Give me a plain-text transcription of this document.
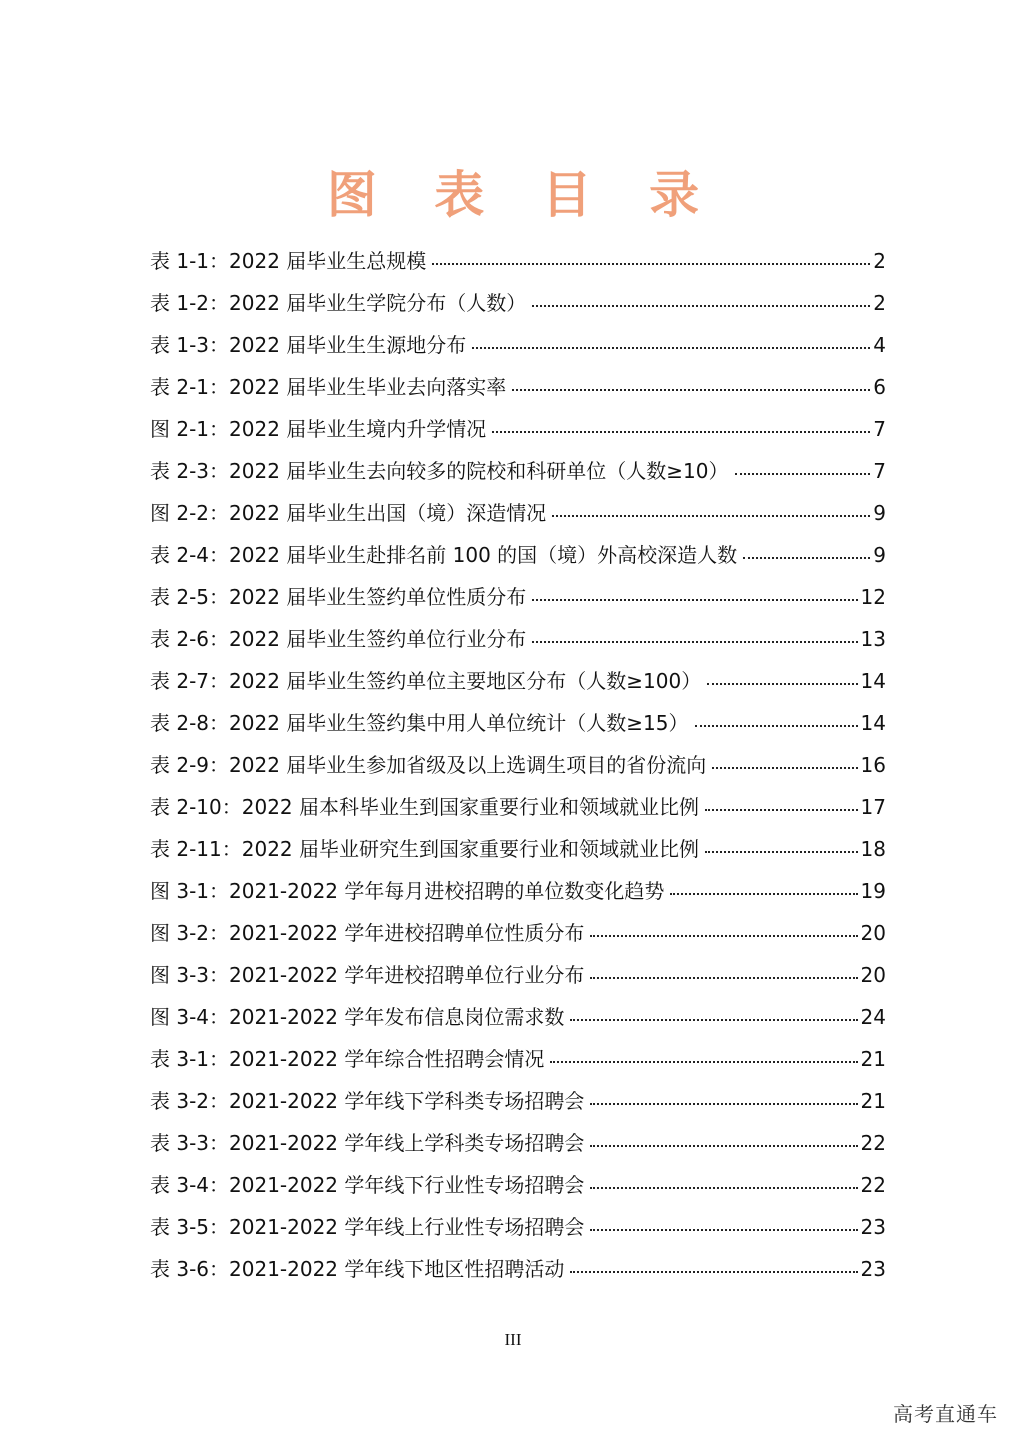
图 表 目 录
表 1-1：2022 届毕业生总规模	2
表 1-2：2022 届毕业生学院分布（人数）	2
表 1-3：2022 届毕业生生源地分布	4
表 2-1：2022 届毕业生毕业去向落实率	6
图 2-1：2022 届毕业生境内升学情况	7
表 2-3：2022 届毕业生去向较多的院校和科研单位（人数≥10）	7
图 2-2：2022 届毕业生出国（境）深造情况	9
表 2-4：2022 届毕业生赴排名前 100 的国（境）外高校深造人数	9
表 2-5：2022 届毕业生签约单位性质分布	12
表 2-6：2022 届毕业生签约单位行业分布	13
表 2-7：2022 届毕业生签约单位主要地区分布（人数≥100）	14
表 2-8：2022 届毕业生签约集中用人单位统计（人数≥15）	14
表 2-9：2022 届毕业生参加省级及以上选调生项目的省份流向	16
表 2-10：2022 届本科毕业生到国家重要行业和领域就业比例	17
表 2-11：2022 届毕业研究生到国家重要行业和领域就业比例	18
图 3-1：2021-2022 学年每月进校招聘的单位数变化趋势	19
图 3-2：2021-2022 学年进校招聘单位性质分布	20
图 3-3：2021-2022 学年进校招聘单位行业分布	20
图 3-4：2021-2022 学年发布信息岗位需求数	24
表 3-1：2021-2022 学年综合性招聘会情况	21
表 3-2：2021-2022 学年线下学科类专场招聘会	21
表 3-3：2021-2022 学年线上学科类专场招聘会	22
表 3-4：2021-2022 学年线下行业性专场招聘会	22
表 3-5：2021-2022 学年线上行业性专场招聘会	23
表 3-6：2021-2022 学年线下地区性招聘活动	23
III
高考直通车
